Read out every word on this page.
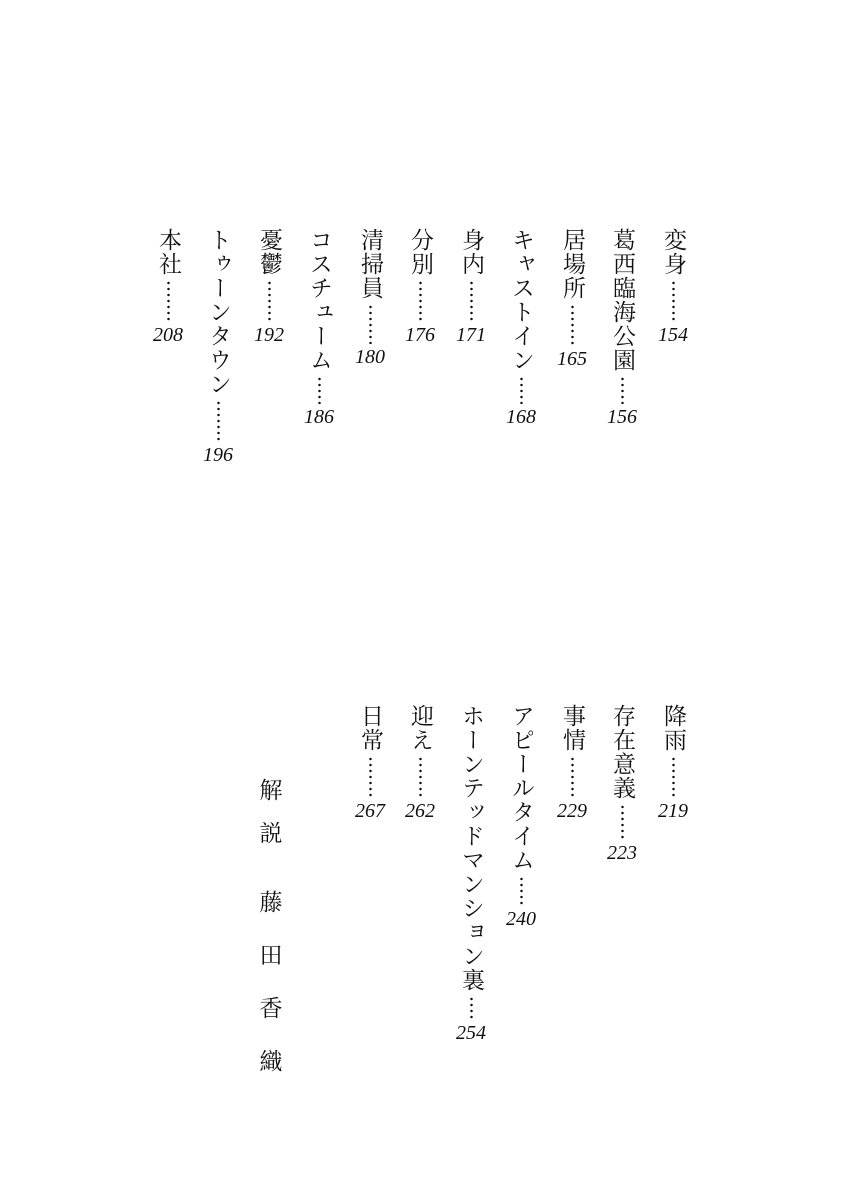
変身
154
葛西臨海公園
156
居場所
165
キャストイン
168
身内
171
分別
176
清掃員
180
コスチューム
186
憂鬱
192
トゥーンタウン
196
本社
208
降雨
219
存在意義
223
事情
229
アピールタイム
240
ホーンテッドマンション裏
254
迎え
262
日常
267
解説
藤田香織
